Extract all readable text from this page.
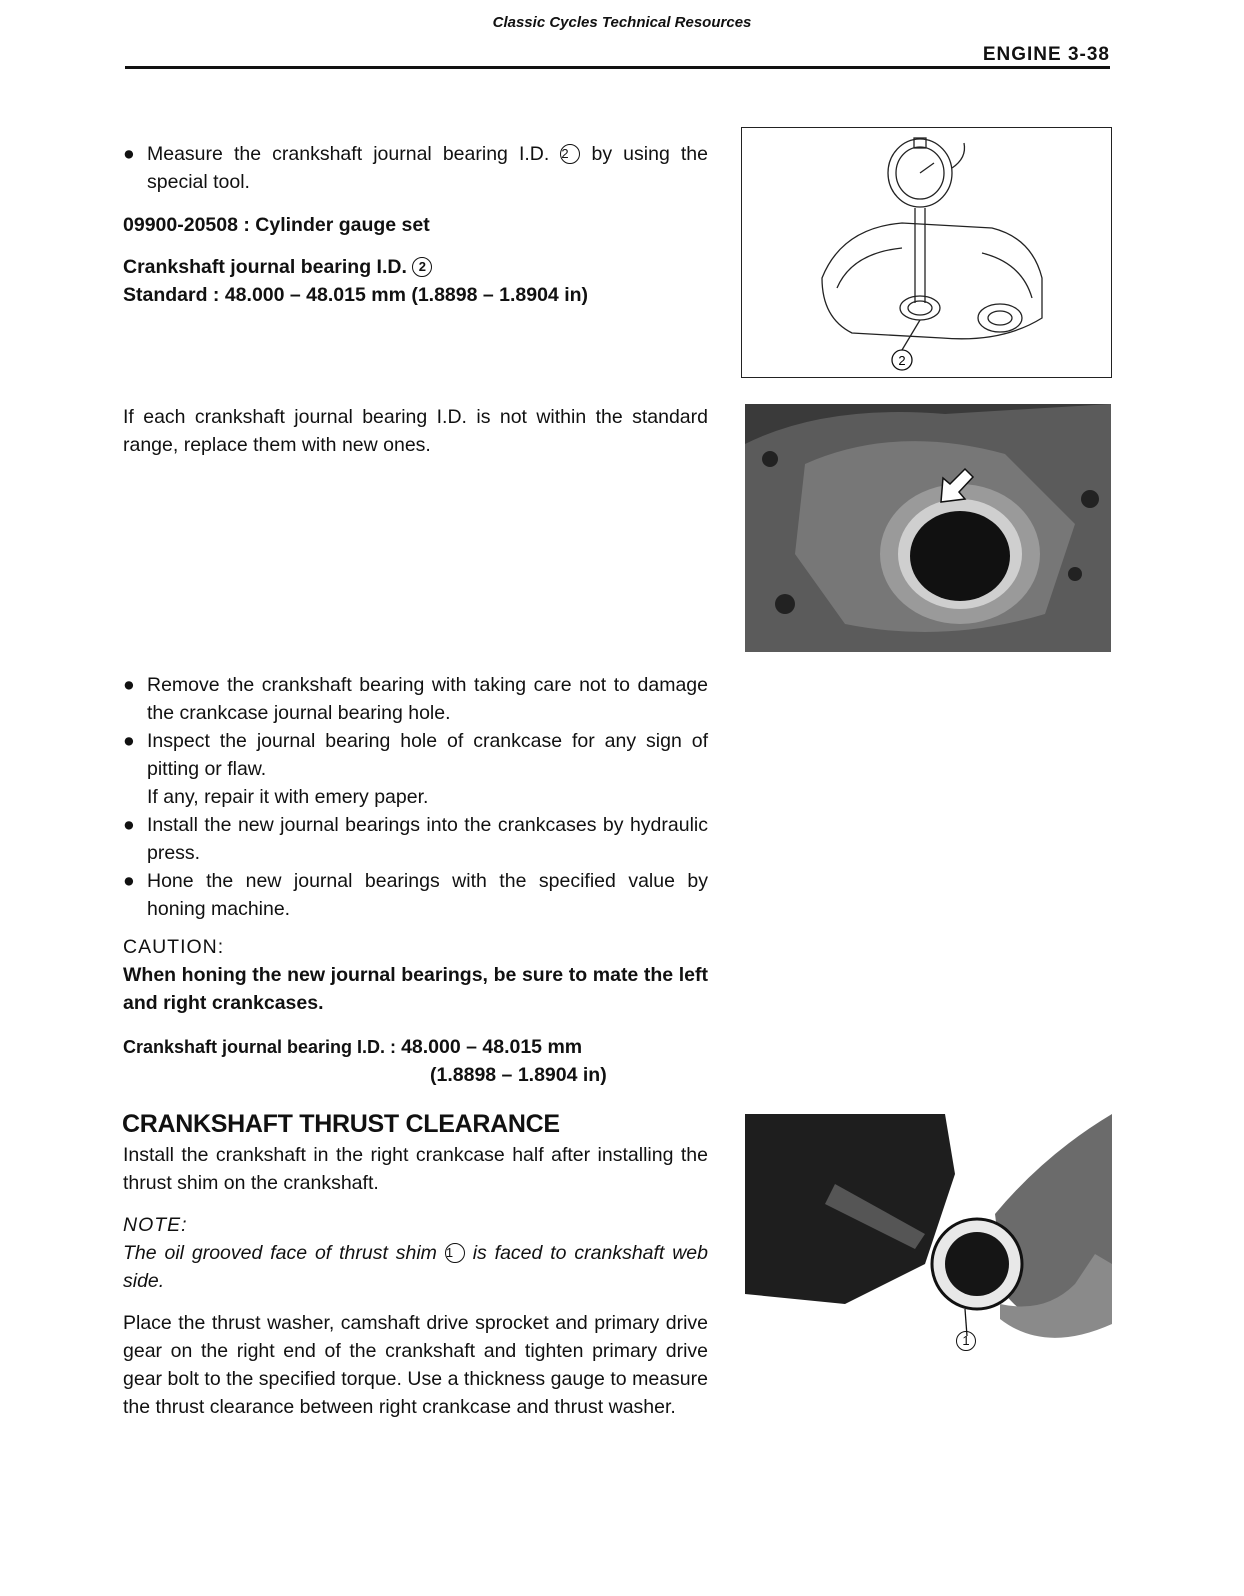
Classic Cycles Technical Resources
ENGINE 3-38
● Measure the crankshaft journal bearing I.D. 2 by using the special tool.
09900-20508 : Cylinder gauge set
Crankshaft journal bearing I.D. 2
Standard : 48.000 – 48.015 mm (1.8898 – 1.8904 in)
2
If each crankshaft journal bearing I.D. is not within the standard range, replace them with new ones.
● Remove the crankshaft bearing with taking care not to damage the crankcase journal bearing hole.
● Inspect the journal bearing hole of crankcase for any sign of pitting or flaw.
If any, repair it with emery paper.
● Install the new journal bearings into the crankcases by hydraulic press.
● Hone the new journal bearings with the specified value by honing machine.
CAUTION:
When honing the new journal bearings, be sure to mate the left and right crankcases.
Crankshaft journal bearing I.D. : 48.000 – 48.015 mm
(1.8898 – 1.8904 in)
CRANKSHAFT THRUST CLEARANCE
Install the crankshaft in the right crankcase half after installing the thrust shim on the crankshaft.
NOTE:
The oil grooved face of thrust shim 1 is faced to crankshaft web side.
Place the thrust washer, camshaft drive sprocket and primary drive gear on the right end of the crankshaft and tighten primary drive gear bolt to the specified torque. Use a thickness gauge to measure the thrust clearance between right crankcase and thrust washer.
1
